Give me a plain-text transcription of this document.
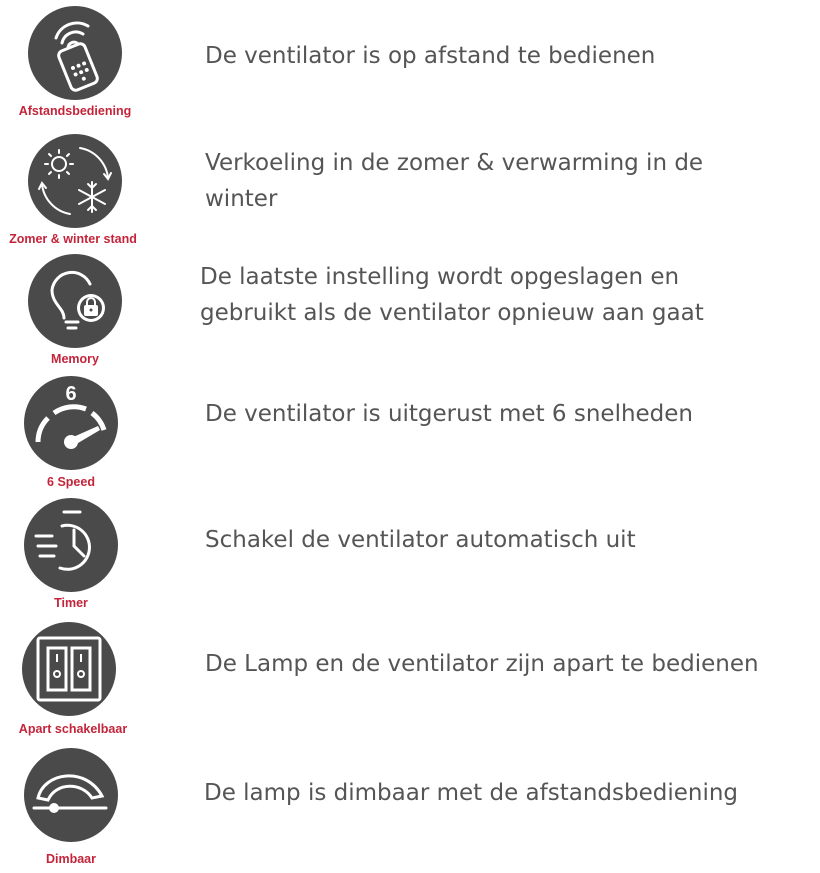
Afstandsbediening
De ventilator is op afstand te bedienen
Zomer & winter stand
Verkoeling in de zomer & verwarming in de winter
Memory
De laatste instelling wordt opgeslagen en gebruikt als de ventilator opnieuw aan gaat
6
6 Speed
De ventilator is uitgerust met 6 snelheden
Timer
Schakel de ventilator automatisch uit
Apart schakelbaar
De Lamp en de ventilator zijn apart te bedienen
Dimbaar
De lamp is dimbaar met de afstandsbediening
